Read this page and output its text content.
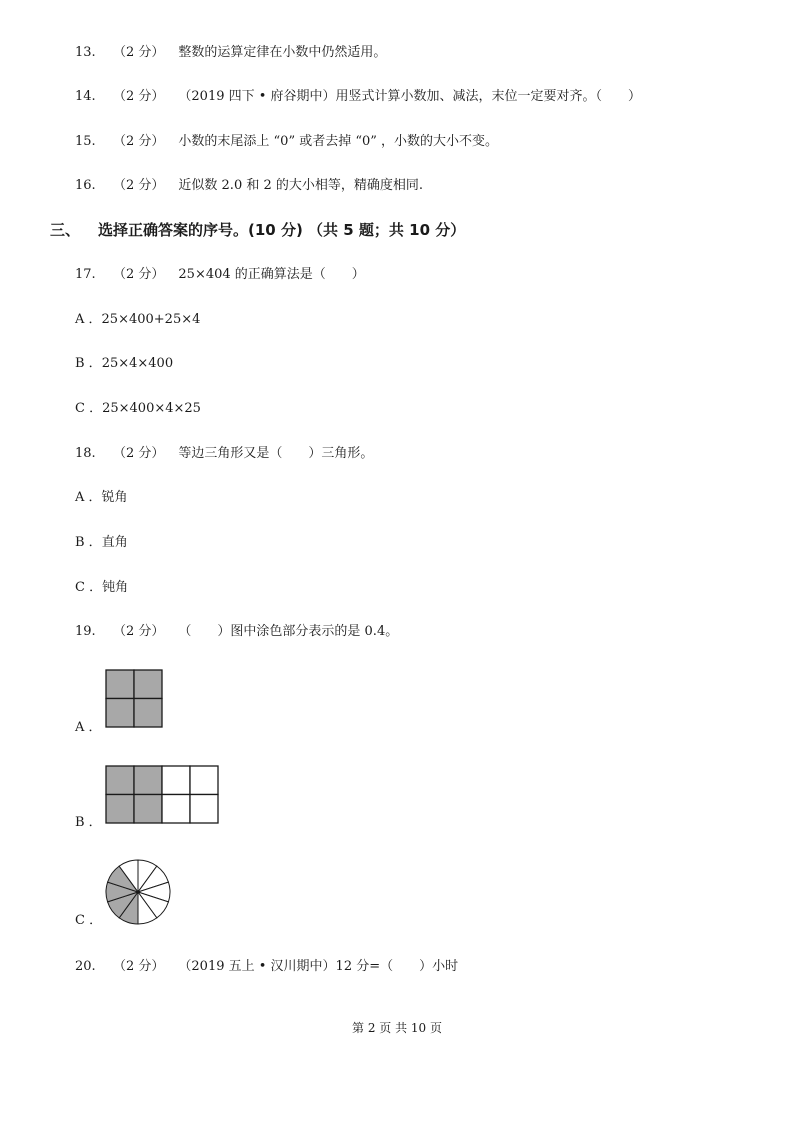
13. （2 分） 整数的运算定律在小数中仍然适用。
14. （2 分） （2019 四下 • 府谷期中）用竖式计算小数加、减法，末位一定要对齐。（　　）
15. （2 分） 小数的末尾添上 “0” 或者去掉 “0” ，小数的大小不变。
16. （2 分） 近似数 2.0 和 2 的大小相等，精确度相同.
三、 选择正确答案的序号。(10 分) （共 5 题；共 10 分）
17. （2 分） 25×404 的正确算法是（　　）
A ．25×400+25×4
B ．25×4×400
C ．25×400×4×25
18. （2 分） 等边三角形又是（　　）三角形。
A ．锐角
B ．直角
C ．钝角
19. （2 分） （　　）图中涂色部分表示的是 0.4。
A ．
B ．
C ．
20. （2 分） （2019 五上 • 汉川期中）12 分=（　　）小时
第 2 页 共 10 页
